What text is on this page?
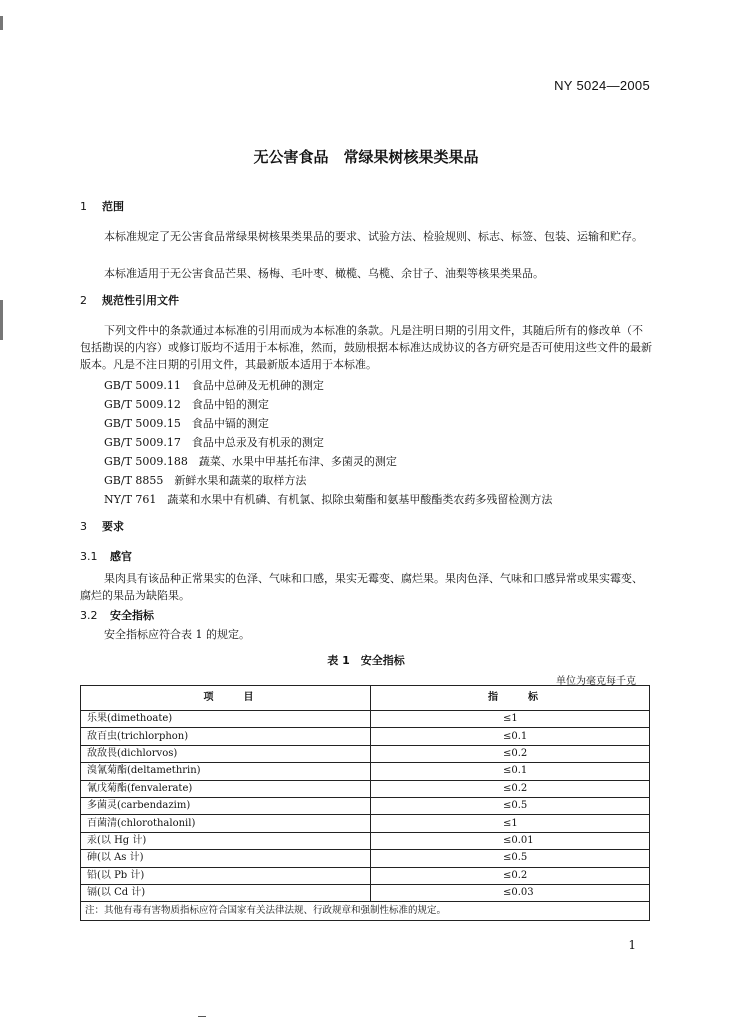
NY 5024—2005
无公害食品　常绿果树核果类果品
1 范围
本标准规定了无公害食品常绿果树核果类果品的要求、试验方法、检验规则、标志、标签、包装、运输和贮存。
本标准适用于无公害食品芒果、杨梅、毛叶枣、橄榄、乌榄、余甘子、油梨等核果类果品。
2 规范性引用文件
下列文件中的条款通过本标准的引用而成为本标准的条款。凡是注明日期的引用文件，其随后所有的修改单（不包括勘误的内容）或修订版均不适用于本标准，然而，鼓励根据本标准达成协议的各方研究是否可使用这些文件的最新版本。凡是不注日期的引用文件，其最新版本适用于本标准。
GB/T 5009.11　食品中总砷及无机砷的测定
GB/T 5009.12　食品中铅的测定
GB/T 5009.15　食品中镉的测定
GB/T 5009.17　食品中总汞及有机汞的测定
GB/T 5009.188　蔬菜、水果中甲基托布津、多菌灵的测定
GB/T 8855　新鲜水果和蔬菜的取样方法
NY/T 761　蔬菜和水果中有机磷、有机氯、拟除虫菊酯和氨基甲酸酯类农药多残留检测方法
3 要求
3.1 感官
果肉具有该品种正常果实的色泽、气味和口感，果实无霉变、腐烂果。果肉色泽、气味和口感异常或果实霉变、腐烂的果品为缺陷果。
3.2 安全指标
安全指标应符合表 1 的规定。
表 1　安全指标
单位为毫克每千克
项　　　目	指　　　标
乐果(dimethoate)	≤1
敌百虫(trichlorphon)	≤0.1
敌敌畏(dichlorvos)	≤0.2
溴氰菊酯(deltamethrin)	≤0.1
氰戊菊酯(fenvalerate)	≤0.2
多菌灵(carbendazim)	≤0.5
百菌清(chlorothalonil)	≤1
汞(以 Hg 计)	≤0.01
砷(以 As 计)	≤0.5
铅(以 Pb 计)	≤0.2
镉(以 Cd 计)	≤0.03
注：其他有毒有害物质指标应符合国家有关法律法规、行政规章和强制性标准的规定。	
1
